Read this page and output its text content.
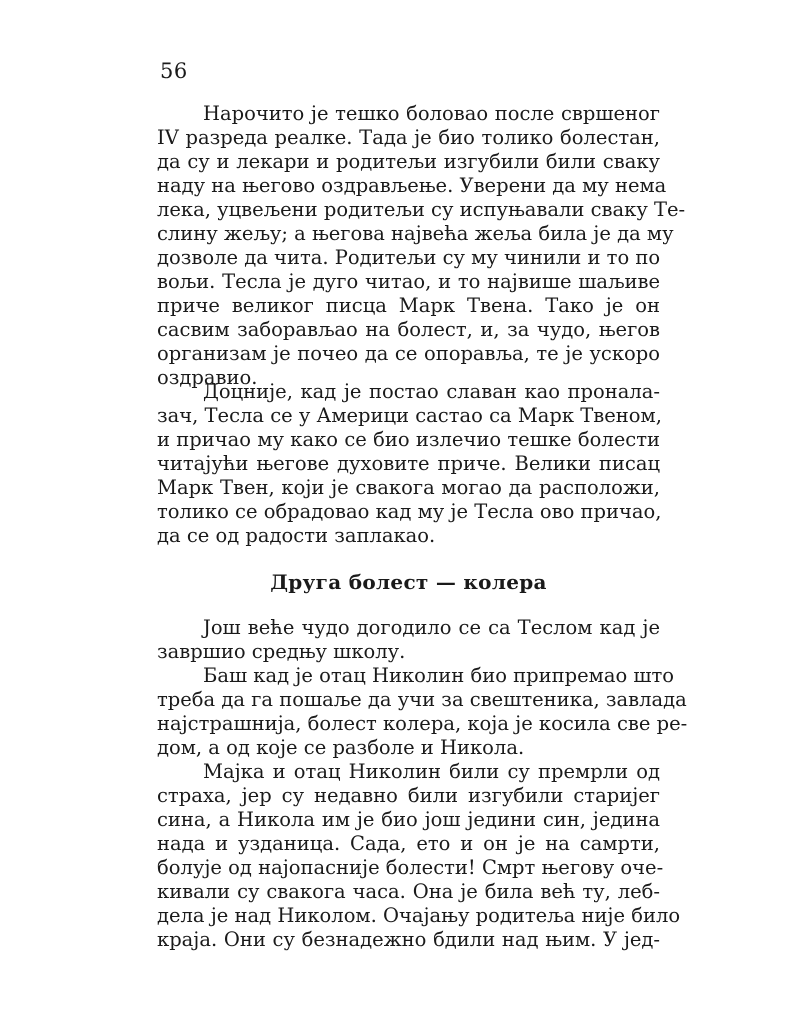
56
Нарочито је тешко боловао после свршеног
IV разреда реалке. Тада је био толико болестан,
да су и лекари и родитељи изгубили били сваку
наду на његово оздрављење. Уверени да му нема
лека, уцвељени родитељи су испуњавали сваку Те-
слину жељу; а његова највећа жеља била је да му
дозволе да чита. Родитељи су му чинили и то по
вољи. Тесла је дуго читао, и то највише шаљиве
приче великог писца Марк Твена. Тако је он
сасвим заборављао на болест, и, за чудо, његов
организам је почео да се опоравља, те је ускоро
оздравио.
Доцније, кад је постао славан као пронала-
зач, Тесла се у Америци састао са Марк Твеном,
и причао му како се био излечио тешке болести
читајући његове духовите приче. Велики писац
Марк Твен, који је свакога могао да расположи,
толико се обрадовао кад му је Тесла ово причао,
да се од радости заплакао.
Друга болест — колера
Још веће чудо догодило се са Теслом кад је
завршио средњу школу.
Баш кад је отац Николин био припремао што
треба да га пошаље да учи за свештеника, завлада
најстрашнија, болест колера, која је косила све ре-
дом, а од које се разболе и Никола.
Мајка и отац Николин били су премрли од
страха, јер су недавно били изгубили старијег
сина, а Никола им је био још једини син, једина
нада и узданица. Сада, ето и он је на самрти,
болује од најопасније болести! Смрт његову оче-
кивали су свакога часа. Она је била већ ту, леб-
дела је над Николом. Очајању родитеља није било
краја. Они су безнадежно бдили над њим. У јед-
